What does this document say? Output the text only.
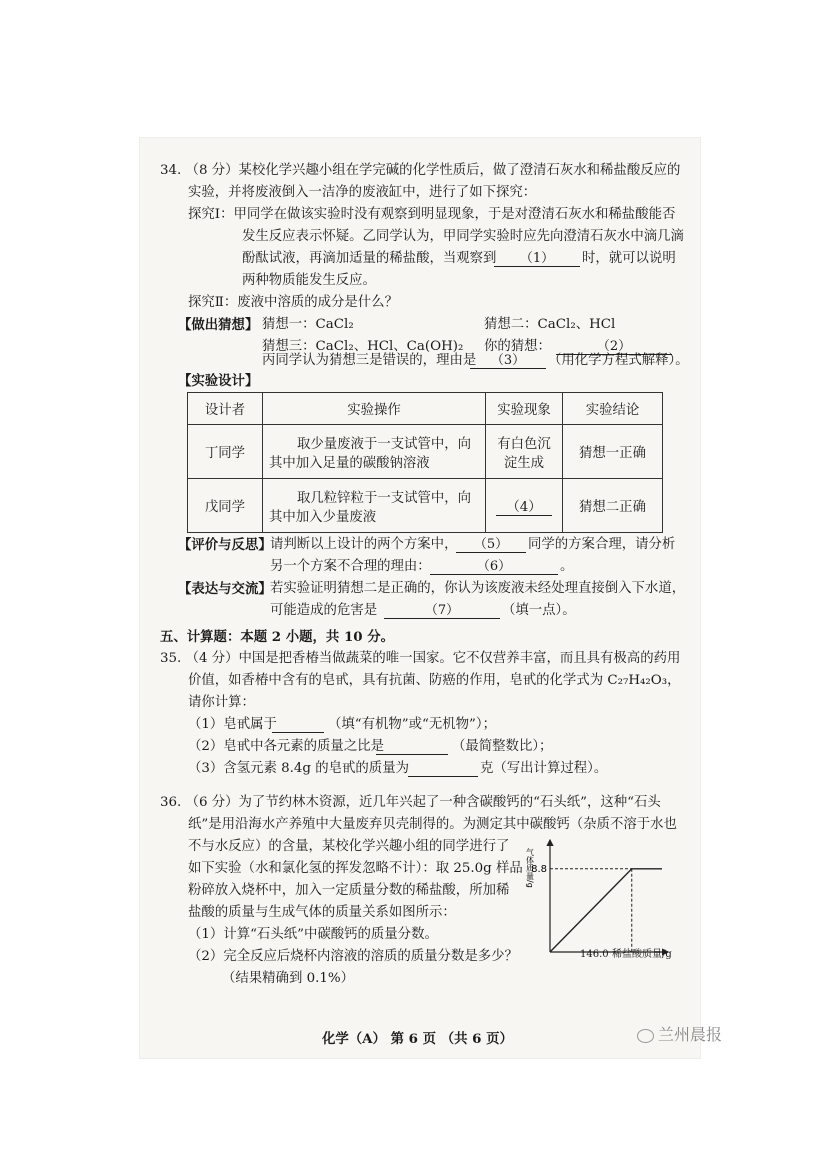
34. （8 分）某校化学兴趣小组在学完碱的化学性质后，做了澄清石灰水和稀盐酸反应的
实验，并将废液倒入一洁净的废液缸中，进行了如下探究：
探究Ⅰ：甲同学在做该实验时没有观察到明显现象，于是对澄清石灰水和稀盐酸能否
发生反应表示怀疑。乙同学认为，甲同学实验时应先向澄清石灰水中滴几滴
酚酞试液，再滴加适量的稀盐酸，当观察到	（1）	时，就可以说明
两种物质能发生反应。
探究Ⅱ：废液中溶质的成分是什么？
【做出猜想】 猜想一：CaCl₂	猜想二：CaCl₂、HCl
猜想三：CaCl₂、HCl、Ca(OH)₂ 你的猜想：	（2）
丙同学认为猜想三是错误的，理由是	（3）	（用化学方程式解释）。
【实验设计】
设计者	实验操作	实验现象	实验结论
丁同学	取少量废液于一支试管中，向其中加入足量的碳酸钠溶液	有白色沉淀生成	猜想一正确
戊同学	取几粒锌粒于一支试管中，向其中加入少量废液	（4）	猜想二正确
【评价与反思】
请判断以上设计的两个方案中，	（5）	同学的方案合理，请分析
另一个方案不合理的理由：	（6）	。
【表达与交流】
若实验证明猜想二是正确的，你认为该废液未经处理直接倒入下水道，
可能造成的危害是	（7）	（填一点）。
五、计算题：本题 2 小题，共 10 分。
35. （4 分）中国是把香椿当做蔬菜的唯一国家。它不仅营养丰富，而且具有极高的药用
价值，如香椿中含有的皂甙，具有抗菌、防癌的作用，皂甙的化学式为 C₂₇H₄₂O₃，
请你计算：
（1）皂甙属于	（填“有机物”或“无机物”）；
（2）皂甙中各元素的质量之比是	（最简整数比）；
（3）含氢元素 8.4g 的皂甙的质量为	克（写出计算过程）。
36. （6 分）为了节约林木资源，近几年兴起了一种含碳酸钙的“石头纸”，这种“石头
纸”是用沿海水产养殖中大量废弃贝壳制得的。为测定其中碳酸钙（杂质不溶于水也
不与水反应）的含量，某校化学兴趣小组的同学进行了
如下实验（水和氯化氢的挥发忽略不计）：取 25.0g 样品
粉碎放入烧杯中，加入一定质量分数的稀盐酸，所加稀
盐酸的质量与生成气体的质量关系如图所示：
（1）计算“石头纸”中碳酸钙的质量分数。
（2）完全反应后烧杯内溶液的溶质的质量分数是多少？
（结果精确到 0.1%）
气体质量/g
8.8
146.0 稀盐酸质量/g
化学（A） 第 6 页 （共 6 页）	兰州晨报
